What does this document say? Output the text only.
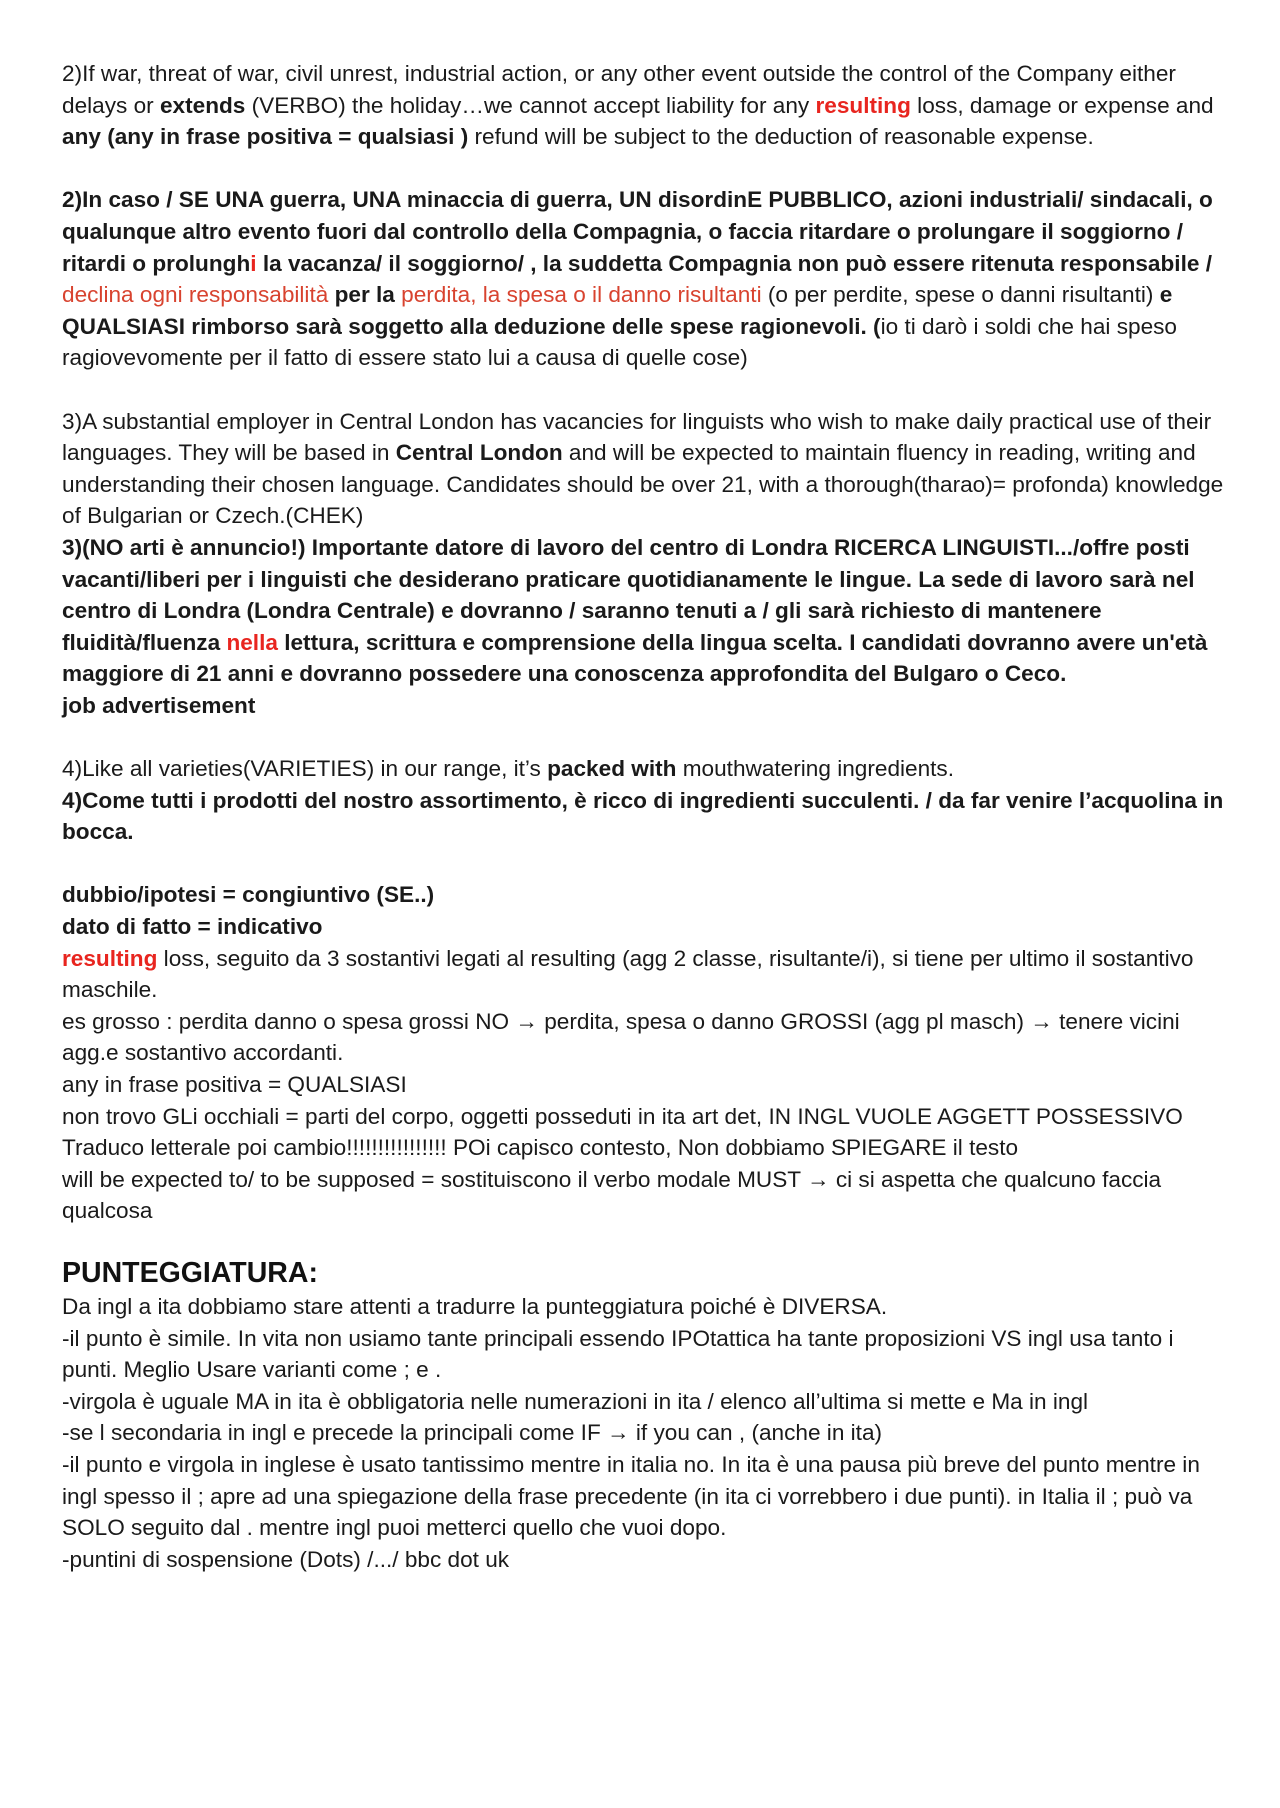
2)If war, threat of war, civil unrest, industrial action, or any other event outside the control of the Company either delays or extends (VERBO) the holiday…we cannot accept liability for any resulting loss, damage or expense and any (any in frase positiva = qualsiasi ) refund will be subject to the deduction of reasonable expense.

2)In caso / SE UNA guerra, UNA minaccia di guerra, UN disordinE PUBBLICO, azioni industriali/ sindacali, o qualunque altro evento fuori dal controllo della Compagnia, o faccia ritardare o prolungare il soggiorno / ritardi o prolunghi la vacanza/ il soggiorno/ , la suddetta Compagnia non può essere ritenuta responsabile / declina ogni responsabilità per la perdita, la spesa o il danno risultanti (o per perdite, spese o danni risultanti) e QUALSIASI rimborso sarà soggetto alla deduzione delle spese ragionevoli. (io ti darò i soldi che hai speso ragiovevomente per il fatto di essere stato lui a causa di quelle cose)

3)A substantial employer in Central London has vacancies for linguists who wish to make daily practical use of their languages. They will be based in Central London and will be expected to maintain fluency in reading, writing and understanding their chosen language. Candidates should be over 21, with a thorough(tharao)= profonda) knowledge of Bulgarian or Czech.(CHEK)

3)(NO arti è annuncio!) Importante datore di lavoro del centro di Londra RICERCA LINGUISTI.../offre posti vacanti/liberi per i linguisti che desiderano praticare quotidianamente le lingue. La sede di lavoro sarà nel centro di Londra (Londra Centrale) e dovranno / saranno tenuti a / gli sarà richiesto di mantenere fluidità/fluenza nella lettura, scrittura e comprensione della lingua scelta. I candidati dovranno avere un'età maggiore di 21 anni e dovranno possedere una conoscenza approfondita del Bulgaro o Ceco.

job advertisement

4)Like all varieties(VARIETIES) in our range, it’s packed with mouthwatering ingredients.

4)Come tutti i prodotti del nostro assortimento, è ricco di ingredienti succulenti. / da far venire l’acquolina in bocca.

dubbio/ipotesi = congiuntivo (SE..)

dato di fatto = indicativo

resulting loss, seguito da 3 sostantivi legati al resulting (agg 2 classe, risultante/i), si tiene per ultimo il sostantivo maschile.

es grosso : perdita danno o spesa grossi NO → perdita, spesa o danno GROSSI (agg pl masch) → tenere vicini agg.e sostantivo accordanti.

any in frase positiva = QUALSIASI

non trovo GLi occhiali = parti del corpo, oggetti posseduti in ita art det, IN INGL VUOLE AGGETT POSSESSIVO

Traduco letterale poi cambio!!!!!!!!!!!!!!!! POi capisco contesto, Non dobbiamo SPIEGARE il testo

will be expected to/ to be supposed = sostituiscono il verbo modale MUST → ci si aspetta che qualcuno faccia qualcosa

PUNTEGGIATURA:

Da ingl a ita dobbiamo stare attenti a tradurre la punteggiatura poiché è DIVERSA.

-il punto è simile. In vita non usiamo tante principali essendo IPOtattica ha tante proposizioni VS ingl usa tanto i punti. Meglio Usare varianti come ; e .

-virgola è uguale MA in ita è obbligatoria nelle numerazioni in ita / elenco all’ultima si mette e Ma in ingl

-se l secondaria in ingl e precede la principali come IF → if you can , (anche in ita)

-il punto e virgola in inglese è usato tantissimo mentre in italia no. In ita è una pausa più breve del punto mentre in ingl spesso il ; apre ad una spiegazione della frase precedente (in ita ci vorrebbero i due punti). in Italia il ; può va SOLO seguito dal . mentre ingl puoi metterci quello che vuoi dopo.

-puntini di sospensione (Dots) /.../ bbc dot uk
